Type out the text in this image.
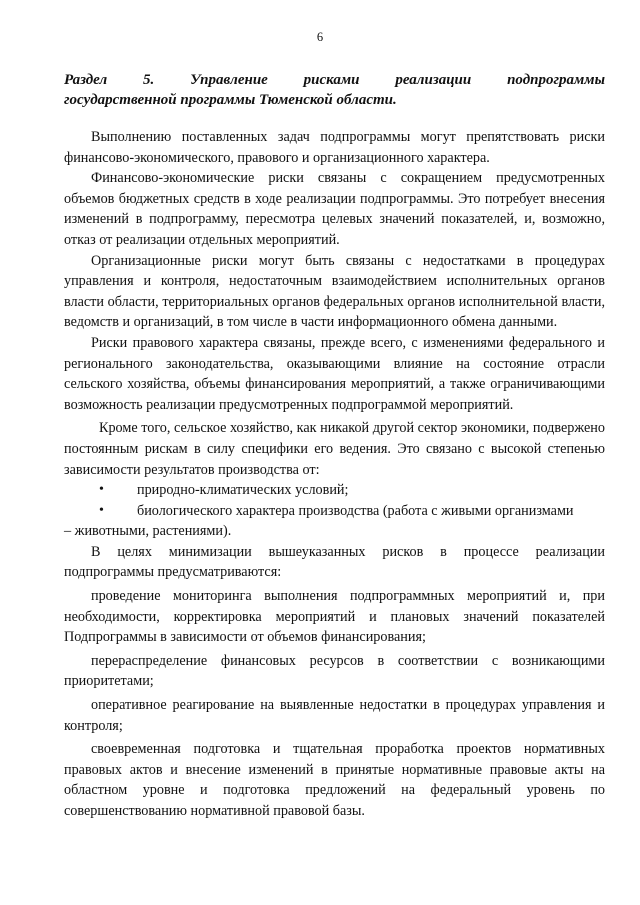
6
Раздел 5. Управление рисками реализации подпрограммы
государственной программы Тюменской области.

Выполнению поставленных задач подпрограммы могут препятствовать риски финансово-экономического, правового и организационного характера.

Финансово-экономические риски связаны с сокращением предусмотренных объемов бюджетных средств в ходе реализации подпрограммы. Это потребует внесения изменений в подпрограмму, пересмотра целевых значений показателей, и, возможно, отказ от реализации отдельных мероприятий.

Организационные риски могут быть связаны с недостатками в процедурах управления и контроля, недостаточным взаимодействием исполнительных органов власти области, территориальных органов федеральных органов исполнительной власти, ведомств и организаций, в том числе в части информационного обмена данными.

Риски правового характера связаны, прежде всего, с изменениями федерального и регионального законодательства, оказывающими влияние на состояние отрасли сельского хозяйства, объемы финансирования мероприятий, а также ограничивающими возможность реализации предусмотренных подпрограммой мероприятий.

Кроме того, сельское хозяйство, как никакой другой сектор экономики, подвержено постоянным рискам в силу специфики его ведения. Это связано с высокой степенью зависимости результатов производства от:

• природно-климатических условий;
• биологического характера производства (работа с живыми организмами
– животными, растениями).

В целях минимизации вышеуказанных рисков в процессе реализации подпрограммы предусматриваются:

проведение мониторинга выполнения подпрограммных мероприятий и, при необходимости, корректировка мероприятий и плановых значений показателей Подпрограммы в зависимости от объемов финансирования;

перераспределение финансовых ресурсов в соответствии с возникающими приоритетами;

оперативное реагирование на выявленные недостатки в процедурах управления и контроля;

своевременная подготовка и тщательная проработка проектов нормативных правовых актов и внесение изменений в принятые нормативные правовые акты на областном уровне и подготовка предложений на федеральный уровень по совершенствованию нормативной правовой базы.
